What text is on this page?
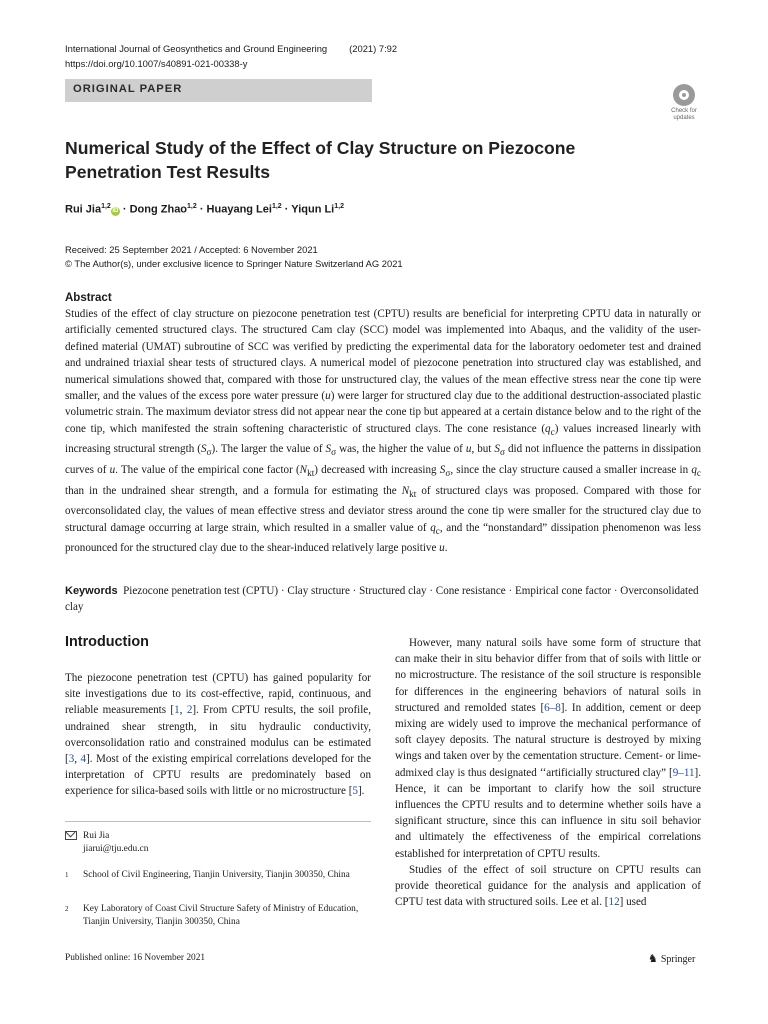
International Journal of Geosynthetics and Ground Engineering (2021) 7:92
https://doi.org/10.1007/s40891-021-00338-y
ORIGINAL PAPER
Check for
updates
Numerical Study of the Effect of Clay Structure on Piezocone Penetration Test Results
Rui Jia$^{1,2}$iD · Dong Zhao$^{1,2}$ · Huayang Lei$^{1,2}$ · Yiqun Li$^{1,2}$
Received: 25 September 2021 / Accepted: 6 November 2021
© The Author(s), under exclusive licence to Springer Nature Switzerland AG 2021
Abstract
Studies of the effect of clay structure on piezocone penetration test (CPTU) results are beneficial for interpreting CPTU data in naturally or artificially cemented structured clays. The structured Cam clay (SCC) model was implemented into Abaqus, and the validity of the user-defined material (UMAT) subroutine of SCC was verified by predicting the experimental data for the laboratory oedometer test and drained and undrained triaxial shear tests of structured clays. A numerical model of piezocone penetration into structured clay was established, and numerical simulations showed that, compared with those for unstructured clay, the values of the mean effective stress near the cone tip were smaller, and the values of the excess pore water pressure (u) were larger for structured clay due to the additional destruction-associated plastic volumetric strain. The maximum deviator stress did not appear near the cone tip but appeared at a certain distance below and to the right of the cone tip, which manifested the strain softening characteristic of structured clays. The cone resistance $(q_c)$ values increased linearly with increasing structural strength $(S_\sigma)$. The larger the value of $S_\sigma$ was, the higher the value of u, but $S_\sigma$ did not influence the patterns in dissipation curves of u. The value of the empirical cone factor $(N_{kt})$ decreased with increasing $S_\sigma$, since the clay structure caused a smaller increase in $q_c$ than in the undrained shear strength, and a formula for estimating the $N_{kt}$ of structured clays was proposed. Compared with those for overconsolidated clay, the values of mean effective stress and deviator stress around the cone tip were smaller for the structured clay due to structural damage occurring at large strain, which resulted in a smaller value of $q_c$, and the “nonstandard” dissipation phenomenon was less pronounced for the structured clay due to the shear-induced relatively large positive u.
Keywords Piezocone penetration test (CPTU) · Clay structure · Structured clay · Cone resistance · Empirical cone factor · Overconsolidated clay
Introduction
The piezocone penetration test (CPTU) has gained popularity for site investigations due to its cost-effective, rapid, continuous, and reliable measurements [1, 2]. From CPTU results, the soil profile, undrained shear strength, in situ hydraulic conductivity, overconsolidation ratio and constrained modulus can be estimated [3, 4]. Most of the existing empirical correlations developed for the interpretation of CPTU results are predominately based on experience for silica-based soils with little or no microstructure [5].

However, many natural soils have some form of structure that can make their in situ behavior differ from that of soils with little or no microstructure. The resistance of the soil structure is responsible for differences in the engineering behaviors of natural soils in structured and remolded states [6–8]. In addition, cement or deep mixing are widely used to improve the mechanical performance of soft clayey deposits. The natural structure is destroyed by mixing wings and taken over by the cementation structure. Cement- or lime-admixed clay is thus designated ‘‘artificially structured clay” [9–11]. Hence, it can be important to clarify how the soil structure influences the CPTU results and to determine whether soils have a significant structure, since this can influence in situ soil behavior and ultimately the effectiveness of the empirical correlations established for interpretation of CPTU results.

Studies of the effect of soil structure on CPTU results can provide theoretical guidance for the analysis and application of CPTU test data with structured soils. Lee et al. [12] used

Rui Jia
jiarui@tju.edu.cn
1 School of Civil Engineering, Tianjin University, Tianjin 300350, China
2 Key Laboratory of Coast Civil Structure Safety of Ministry of Education, Tianjin University, Tianjin 300350, China
Published online: 16 November 2021	♞ Springer
